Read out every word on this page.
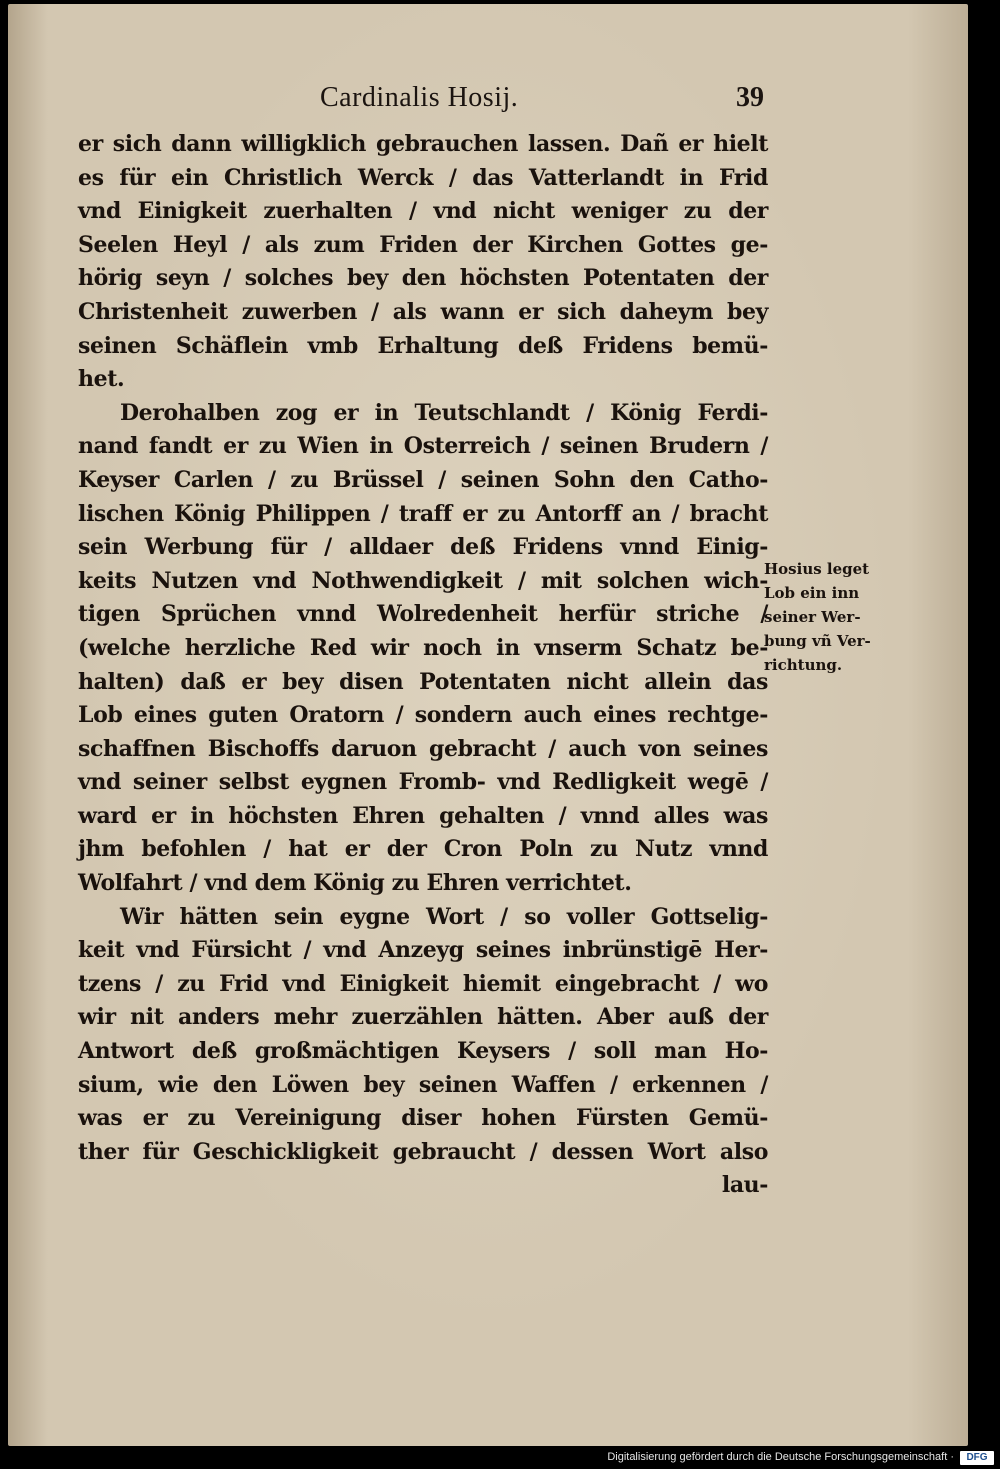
Cardinalis Hosij.	39
er sich dann willigklich gebrauchen lassen. Dañ er hielt
es für ein Christlich Werck / das Vatterlandt in Frid
vnd Einigkeit zuerhalten / vnd nicht weniger zu der
Seelen Heyl / als zum Friden der Kirchen Gottes ge-
hörig seyn / solches bey den höchsten Potentaten der
Christenheit zuwerben / als wann er sich daheym bey
seinen Schäflein vmb Erhaltung deß Fridens bemü-
het.
Derohalben zog er in Teutschlandt / König Ferdi-
nand fandt er zu Wien in Osterreich / seinen Brudern /
Keyser Carlen / zu Brüssel / seinen Sohn den Catho-
lischen König Philippen / traff er zu Antorff an / bracht
sein Werbung für / alldaer deß Fridens vnnd Einig-
keits Nutzen vnd Nothwendigkeit / mit solchen wich-
tigen Sprüchen vnnd Wolredenheit herfür striche /
(welche herzliche Red wir noch in vnserm Schatz be-
halten) daß er bey disen Potentaten nicht allein das
Lob eines guten Oratorn / sondern auch eines rechtge-
schaffnen Bischoffs daruon gebracht / auch von seines
vnd seiner selbst eygnen Fromb- vnd Redligkeit wegē /
ward er in höchsten Ehren gehalten / vnnd alles was
jhm befohlen / hat er der Cron Poln zu Nutz vnnd
Wolfahrt / vnd dem König zu Ehren verrichtet.
Wir hätten sein eygne Wort / so voller Gottselig-
keit vnd Fürsicht / vnd Anzeyg seines inbrünstigē Her-
tzens / zu Frid vnd Einigkeit hiemit eingebracht / wo
wir nit anders mehr zuerzählen hätten. Aber auß der
Antwort deß großmächtigen Keysers / soll man Ho-
sium, wie den Löwen bey seinen Waffen / erkennen /
was er zu Vereinigung diser hohen Fürsten Gemü-
ther für Geschickligkeit gebraucht / dessen Wort also
lau-
Hosius leget
Lob ein inn
seiner Wer-
bung vñ Ver-
richtung.
Digitalisierung gefördert durch die Deutsche Forschungsgemeinschaft ·	DFG
